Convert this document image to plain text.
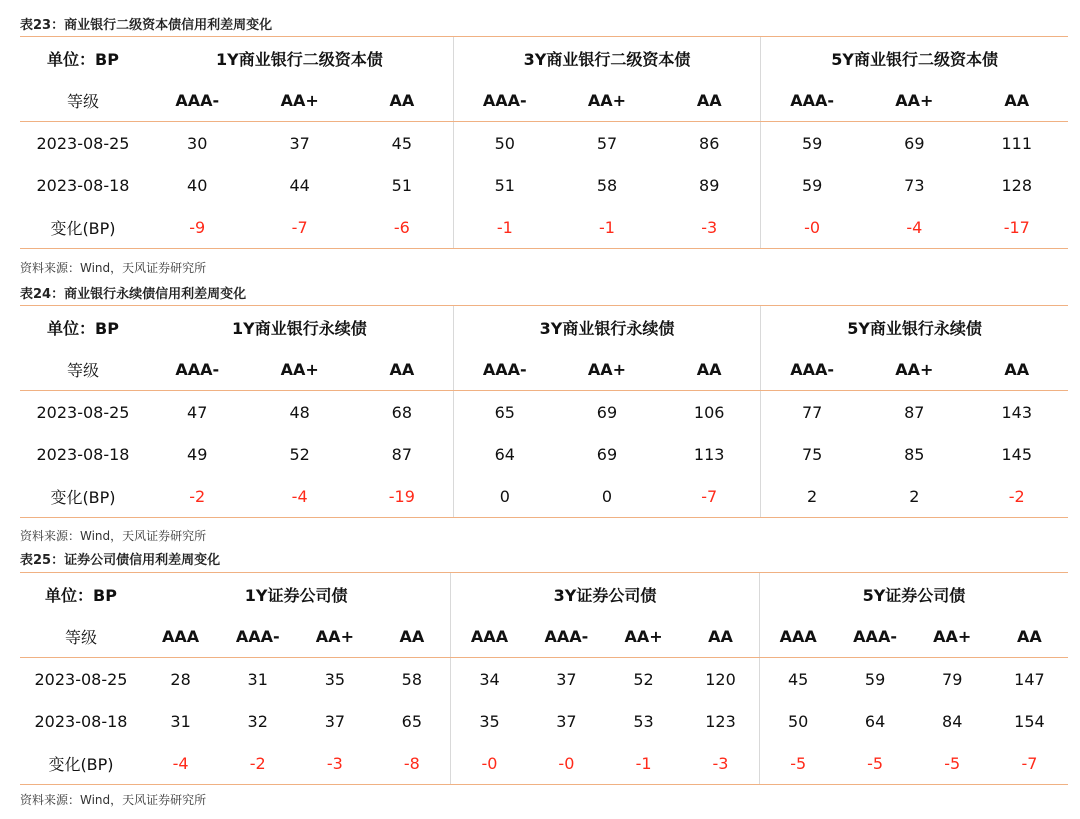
表23：商业银行二级资本债信用利差周变化
单位：BP	1Y商业银行二级资本债			3Y商业银行二级资本债			5Y商业银行二级资本债		
等级	AAA-	AA+	AA	AAA-	AA+	AA	AAA-	AA+	AA
2023-08-25	30	37	45	50	57	86	59	69	111
2023-08-18	40	44	51	51	58	89	59	73	128
变化(BP)	-9	-7	-6	-1	-1	-3	-0	-4	-17
资料来源：Wind，天风证券研究所
表24：商业银行永续债信用利差周变化
单位：BP	1Y商业银行永续债			3Y商业银行永续债			5Y商业银行永续债		
等级	AAA-	AA+	AA	AAA-	AA+	AA	AAA-	AA+	AA
2023-08-25	47	48	68	65	69	106	77	87	143
2023-08-18	49	52	87	64	69	113	75	85	145
变化(BP)	-2	-4	-19	0	0	-7	2	2	-2
资料来源：Wind，天风证券研究所
表25：证券公司债信用利差周变化
单位：BP	1Y证券公司债				3Y证券公司债				5Y证券公司债			
等级	AAA	AAA-	AA+	AA	AAA	AAA-	AA+	AA	AAA	AAA-	AA+	AA
2023-08-25	28	31	35	58	34	37	52	120	45	59	79	147
2023-08-18	31	32	37	65	35	37	53	123	50	64	84	154
变化(BP)	-4	-2	-3	-8	-0	-0	-1	-3	-5	-5	-5	-7
资料来源：Wind，天风证券研究所
